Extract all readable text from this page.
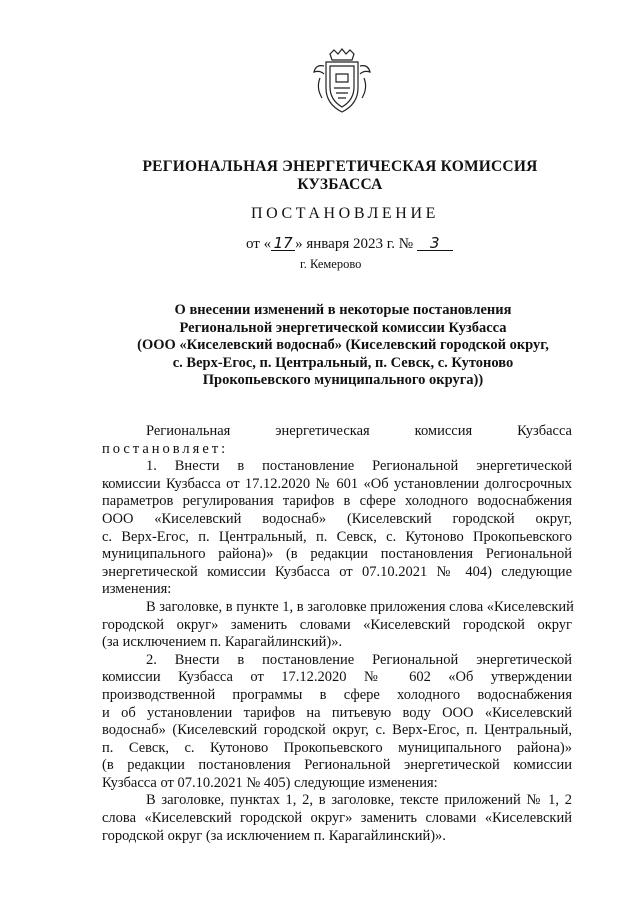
РЕГИОНАЛЬНАЯ ЭНЕРГЕТИЧЕСКАЯ КОМИССИЯ
КУЗБАССА
ПОСТАНОВЛЕНИЕ
от « 17 » января 2023 г. № 3
г. Кемерово
О внесении изменений в некоторые постановления
Региональной энергетической комиссии Кузбасса
(ООО «Киселевский водоснаб» (Киселевский городской округ,
с. Верх-Егос, п. Центральный, п. Севск, с. Кутоново
Прокопьевского муниципального округа))
Региональная энергетическая комиссия Кузбасса
постановляет:
1. Внести в постановление Региональной энергетической
комиссии Кузбасса от 17.12.2020 № 601 «Об установлении долгосрочных
параметров регулирования тарифов в сфере холодного водоснабжения
ООО «Киселевский водоснаб» (Киселевский городской округ,
с. Верх-Егос, п. Центральный, п. Севск, с. Кутоново Прокопьевского
муниципального района)» (в редакции постановления Региональной
энергетической комиссии Кузбасса от 07.10.2021 № 404) следующие
изменения:
В заголовке, в пункте 1, в заголовке приложения слова «Киселевский
городской округ» заменить словами «Киселевский городской округ
(за исключением п. Карагайлинский)».
2. Внести в постановление Региональной энергетической
комиссии Кузбасса от 17.12.2020 № 602 «Об утверждении
производственной программы в сфере холодного водоснабжения
и об установлении тарифов на питьевую воду ООО «Киселевский
водоснаб» (Киселевский городской округ, с. Верх-Егос, п. Центральный,
п. Севск, с. Кутоново Прокопьевского муниципального района)»
(в редакции постановления Региональной энергетической комиссии
Кузбасса от 07.10.2021 № 405) следующие изменения:
В заголовке, пунктах 1, 2, в заголовке, тексте приложений № 1, 2
слова «Киселевский городской округ» заменить словами «Киселевский
городской округ (за исключением п. Карагайлинский)».
